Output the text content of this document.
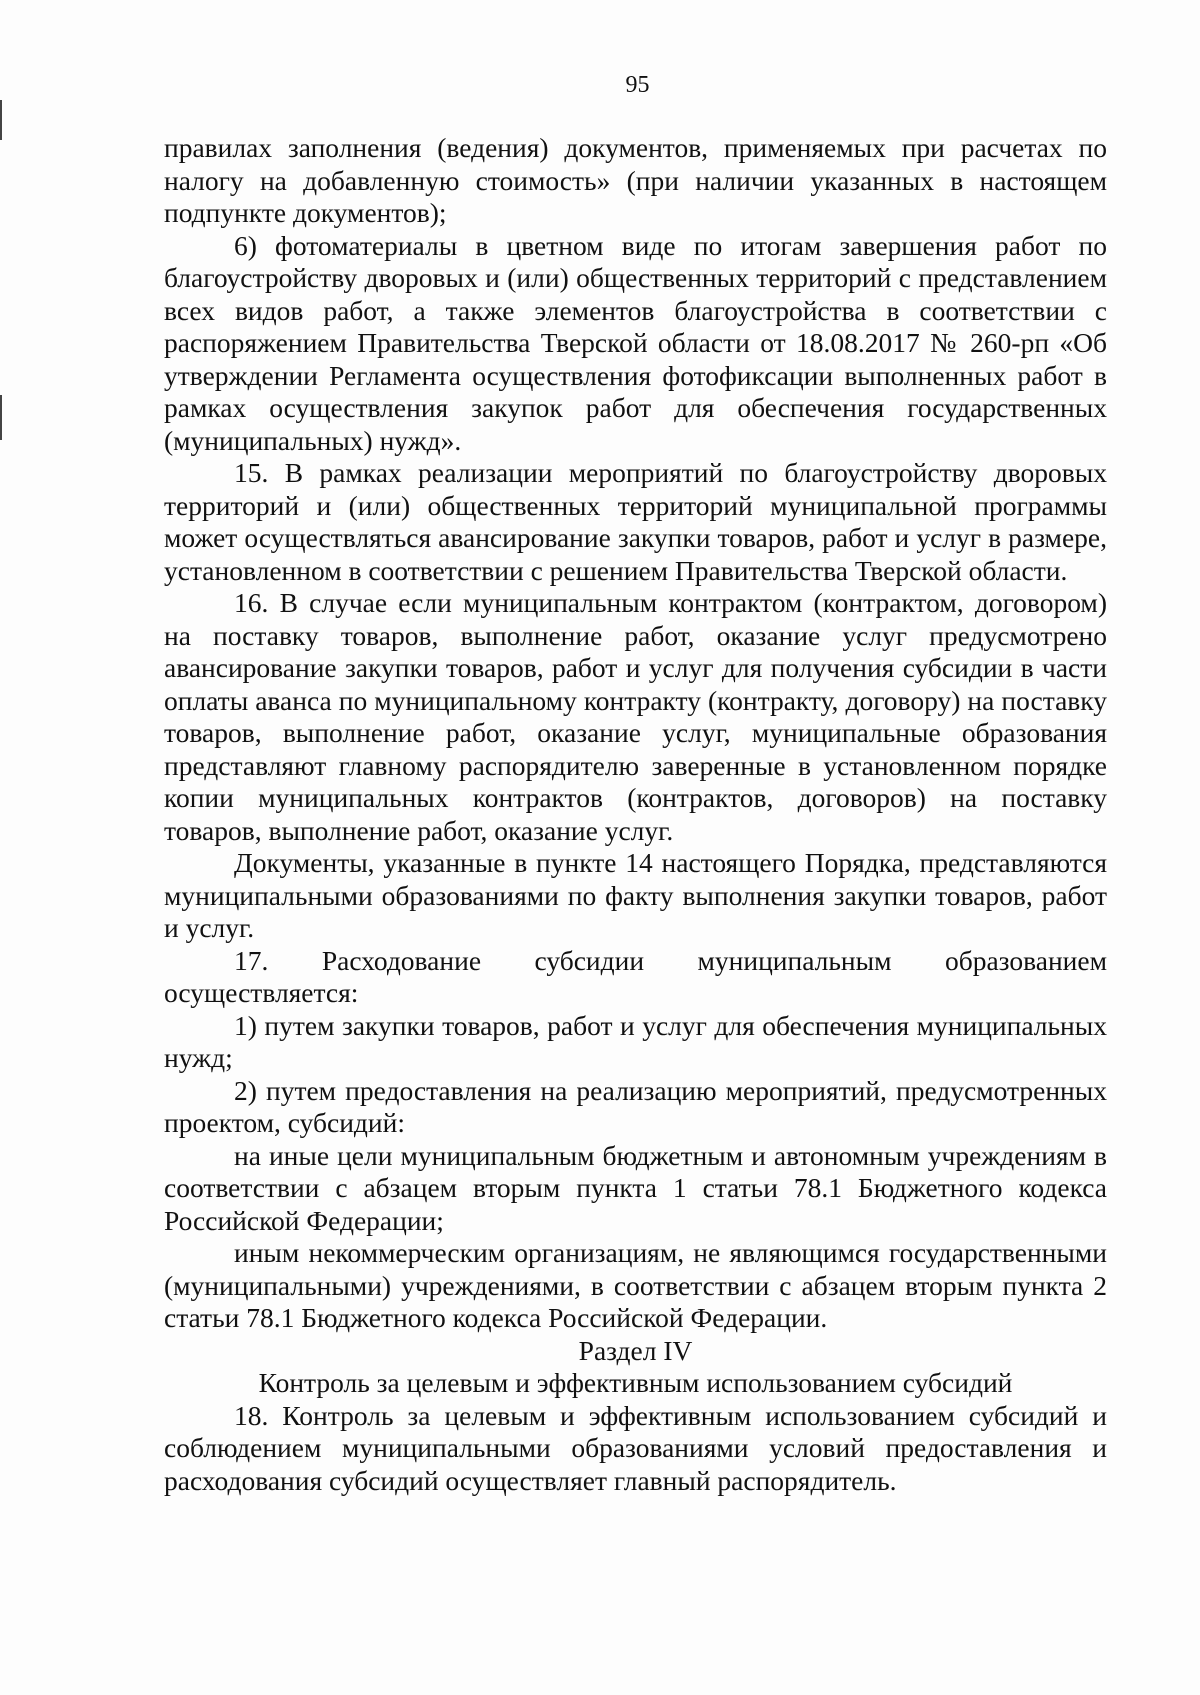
95

правилах заполнения (ведения) документов, применяемых при расчетах по налогу на добавленную стоимость» (при наличии указанных в настоящем подпункте документов);

6) фотоматериалы в цветном виде по итогам завершения работ по благоустройству дворовых и (или) общественных территорий с представлением всех видов работ, а также элементов благоустройства в соответствии с распоряжением Правительства Тверской области от 18.08.2017 № 260-рп «Об утверждении Регламента осуществления фотофиксации выполненных работ в рамках осуществления закупок работ для обеспечения государственных (муниципальных) нужд».

15. В рамках реализации мероприятий по благоустройству дворовых территорий и (или) общественных территорий муниципальной программы может осуществляться авансирование закупки товаров, работ и услуг в размере, установленном в соответствии с решением Правительства Тверской области.

16. В случае если муниципальным контрактом (контрактом, договором) на поставку товаров, выполнение работ, оказание услуг предусмотрено авансирование закупки товаров, работ и услуг для получения субсидии в части оплаты аванса по муниципальному контракту (контракту, договору) на поставку товаров, выполнение работ, оказание услуг, муниципальные образования представляют главному распорядителю заверенные в установленном порядке копии муниципальных контрактов (контрактов, договоров) на поставку товаров, выполнение работ, оказание услуг.

Документы, указанные в пункте 14 настоящего Порядка, представляются муниципальными образованиями по факту выполнения закупки товаров, работ и услуг.

17. Расходование субсидии муниципальным образованием осуществляется:

1) путем закупки товаров, работ и услуг для обеспечения муниципальных нужд;

2) путем предоставления на реализацию мероприятий, предусмотренных проектом, субсидий:

на иные цели муниципальным бюджетным и автономным учреждениям в соответствии с абзацем вторым пункта 1 статьи 78.1 Бюджетного кодекса Российской Федерации;

иным некоммерческим организациям, не являющимся государственными (муниципальными) учреждениями, в соответствии с абзацем вторым пункта 2 статьи 78.1 Бюджетного кодекса Российской Федерации.

Раздел IV

Контроль за целевым и эффективным использованием субсидий

18. Контроль за целевым и эффективным использованием субсидий и соблюдением муниципальными образованиями условий предоставления и расходования субсидий осуществляет главный распорядитель.
